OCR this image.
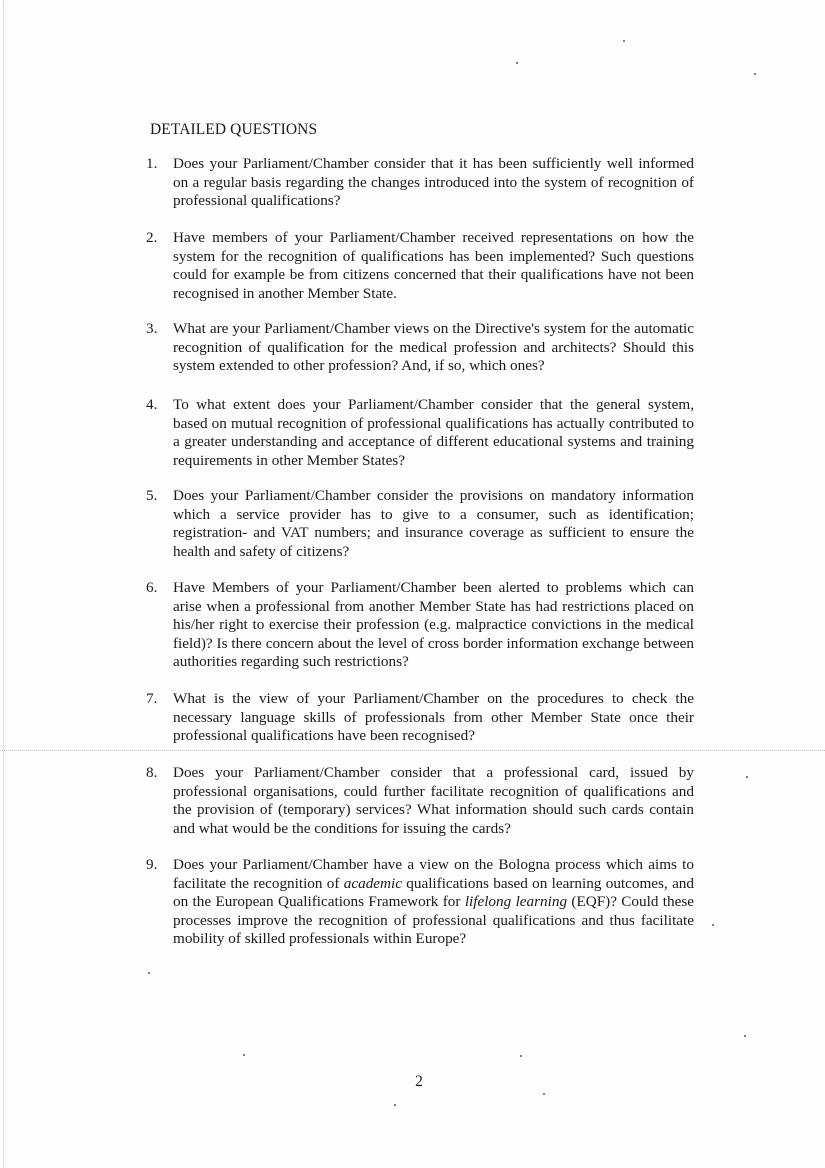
DETAILED QUESTIONS
1.	Does your Parliament/Chamber consider that it has been sufficiently well informed on a regular basis regarding the changes introduced into the system of recognition of professional qualifications?
2.	Have members of your Parliament/Chamber received representations on how the system for the recognition of qualifications has been implemented? Such questions could for example be from citizens concerned that their qualifications have not been recognised in another Member State.
3.	What are your Parliament/Chamber views on the Directive's system for the automatic recognition of qualification for the medical profession and architects? Should this system extended to other profession? And, if so, which ones?
4.	To what extent does your Parliament/Chamber consider that the general system, based on mutual recognition of professional qualifications has actually contributed to a greater understanding and acceptance of different educational systems and training requirements in other Member States?
5.	Does your Parliament/Chamber consider the provisions on mandatory information which a service provider has to give to a consumer, such as identification; registration- and VAT numbers; and insurance coverage as sufficient to ensure the health and safety of citizens?
6.	Have Members of your Parliament/Chamber been alerted to problems which can arise when a professional from another Member State has had restrictions placed on his/her right to exercise their profession (e.g. malpractice convictions in the medical field)? Is there concern about the level of cross border information exchange between authorities regarding such restrictions?
7.	What is the view of your Parliament/Chamber on the procedures to check the necessary language skills of professionals from other Member State once their professional qualifications have been recognised?
8.	Does your Parliament/Chamber consider that a professional card, issued by professional organisations, could further facilitate recognition of qualifications and the provision of (temporary) services? What information should such cards contain and what would be the conditions for issuing the cards?
9.	Does your Parliament/Chamber have a view on the Bologna process which aims to facilitate the recognition of academic qualifications based on learning outcomes, and on the European Qualifications Framework for lifelong learning (EQF)? Could these processes improve the recognition of professional qualifications and thus facilitate mobility of skilled professionals within Europe?
2
